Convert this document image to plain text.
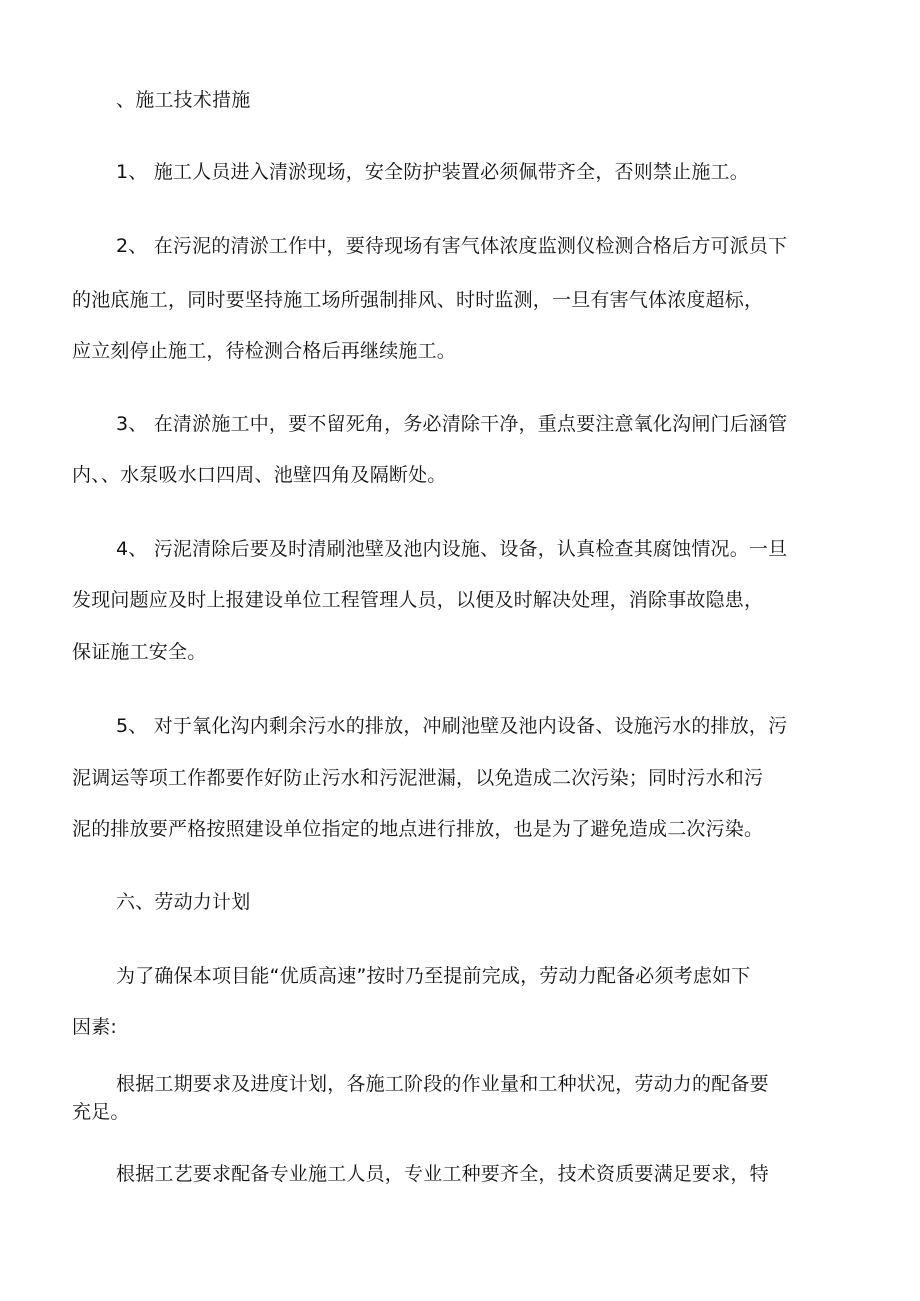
、施工技术措施
1、 施工人员进入清淤现场，安全防护装置必须佩带齐全，否则禁止施工。
2、 在污泥的清淤工作中，要待现场有害气体浓度监测仪检测合格后方可派员下
的池底施工，同时要坚持施工场所强制排风、时时监测，一旦有害气体浓度超标，
应立刻停止施工，待检测合格后再继续施工。
3、 在清淤施工中，要不留死角，务必清除干净，重点要注意氧化沟闸门后涵管
内、、水泵吸水口四周、池壁四角及隔断处。
4、 污泥清除后要及时清刷池壁及池内设施、设备，认真检查其腐蚀情况。一旦
发现问题应及时上报建设单位工程管理人员，以便及时解决处理，消除事故隐患，
保证施工安全。
5、 对于氧化沟内剩余污水的排放，冲刷池壁及池内设备、设施污水的排放，污
泥调运等项工作都要作好防止污水和污泥泄漏，以免造成二次污染；同时污水和污
泥的排放要严格按照建设单位指定的地点进行排放，也是为了避免造成二次污染。
六、劳动力计划
为了确保本项目能“优质高速”按时乃至提前完成，劳动力配备必须考虑如下
因素:
根据工期要求及进度计划，各施工阶段的作业量和工种状况，劳动力的配备要
充足。
根据工艺要求配备专业施工人员，专业工种要齐全，技术资质要满足要求，特
